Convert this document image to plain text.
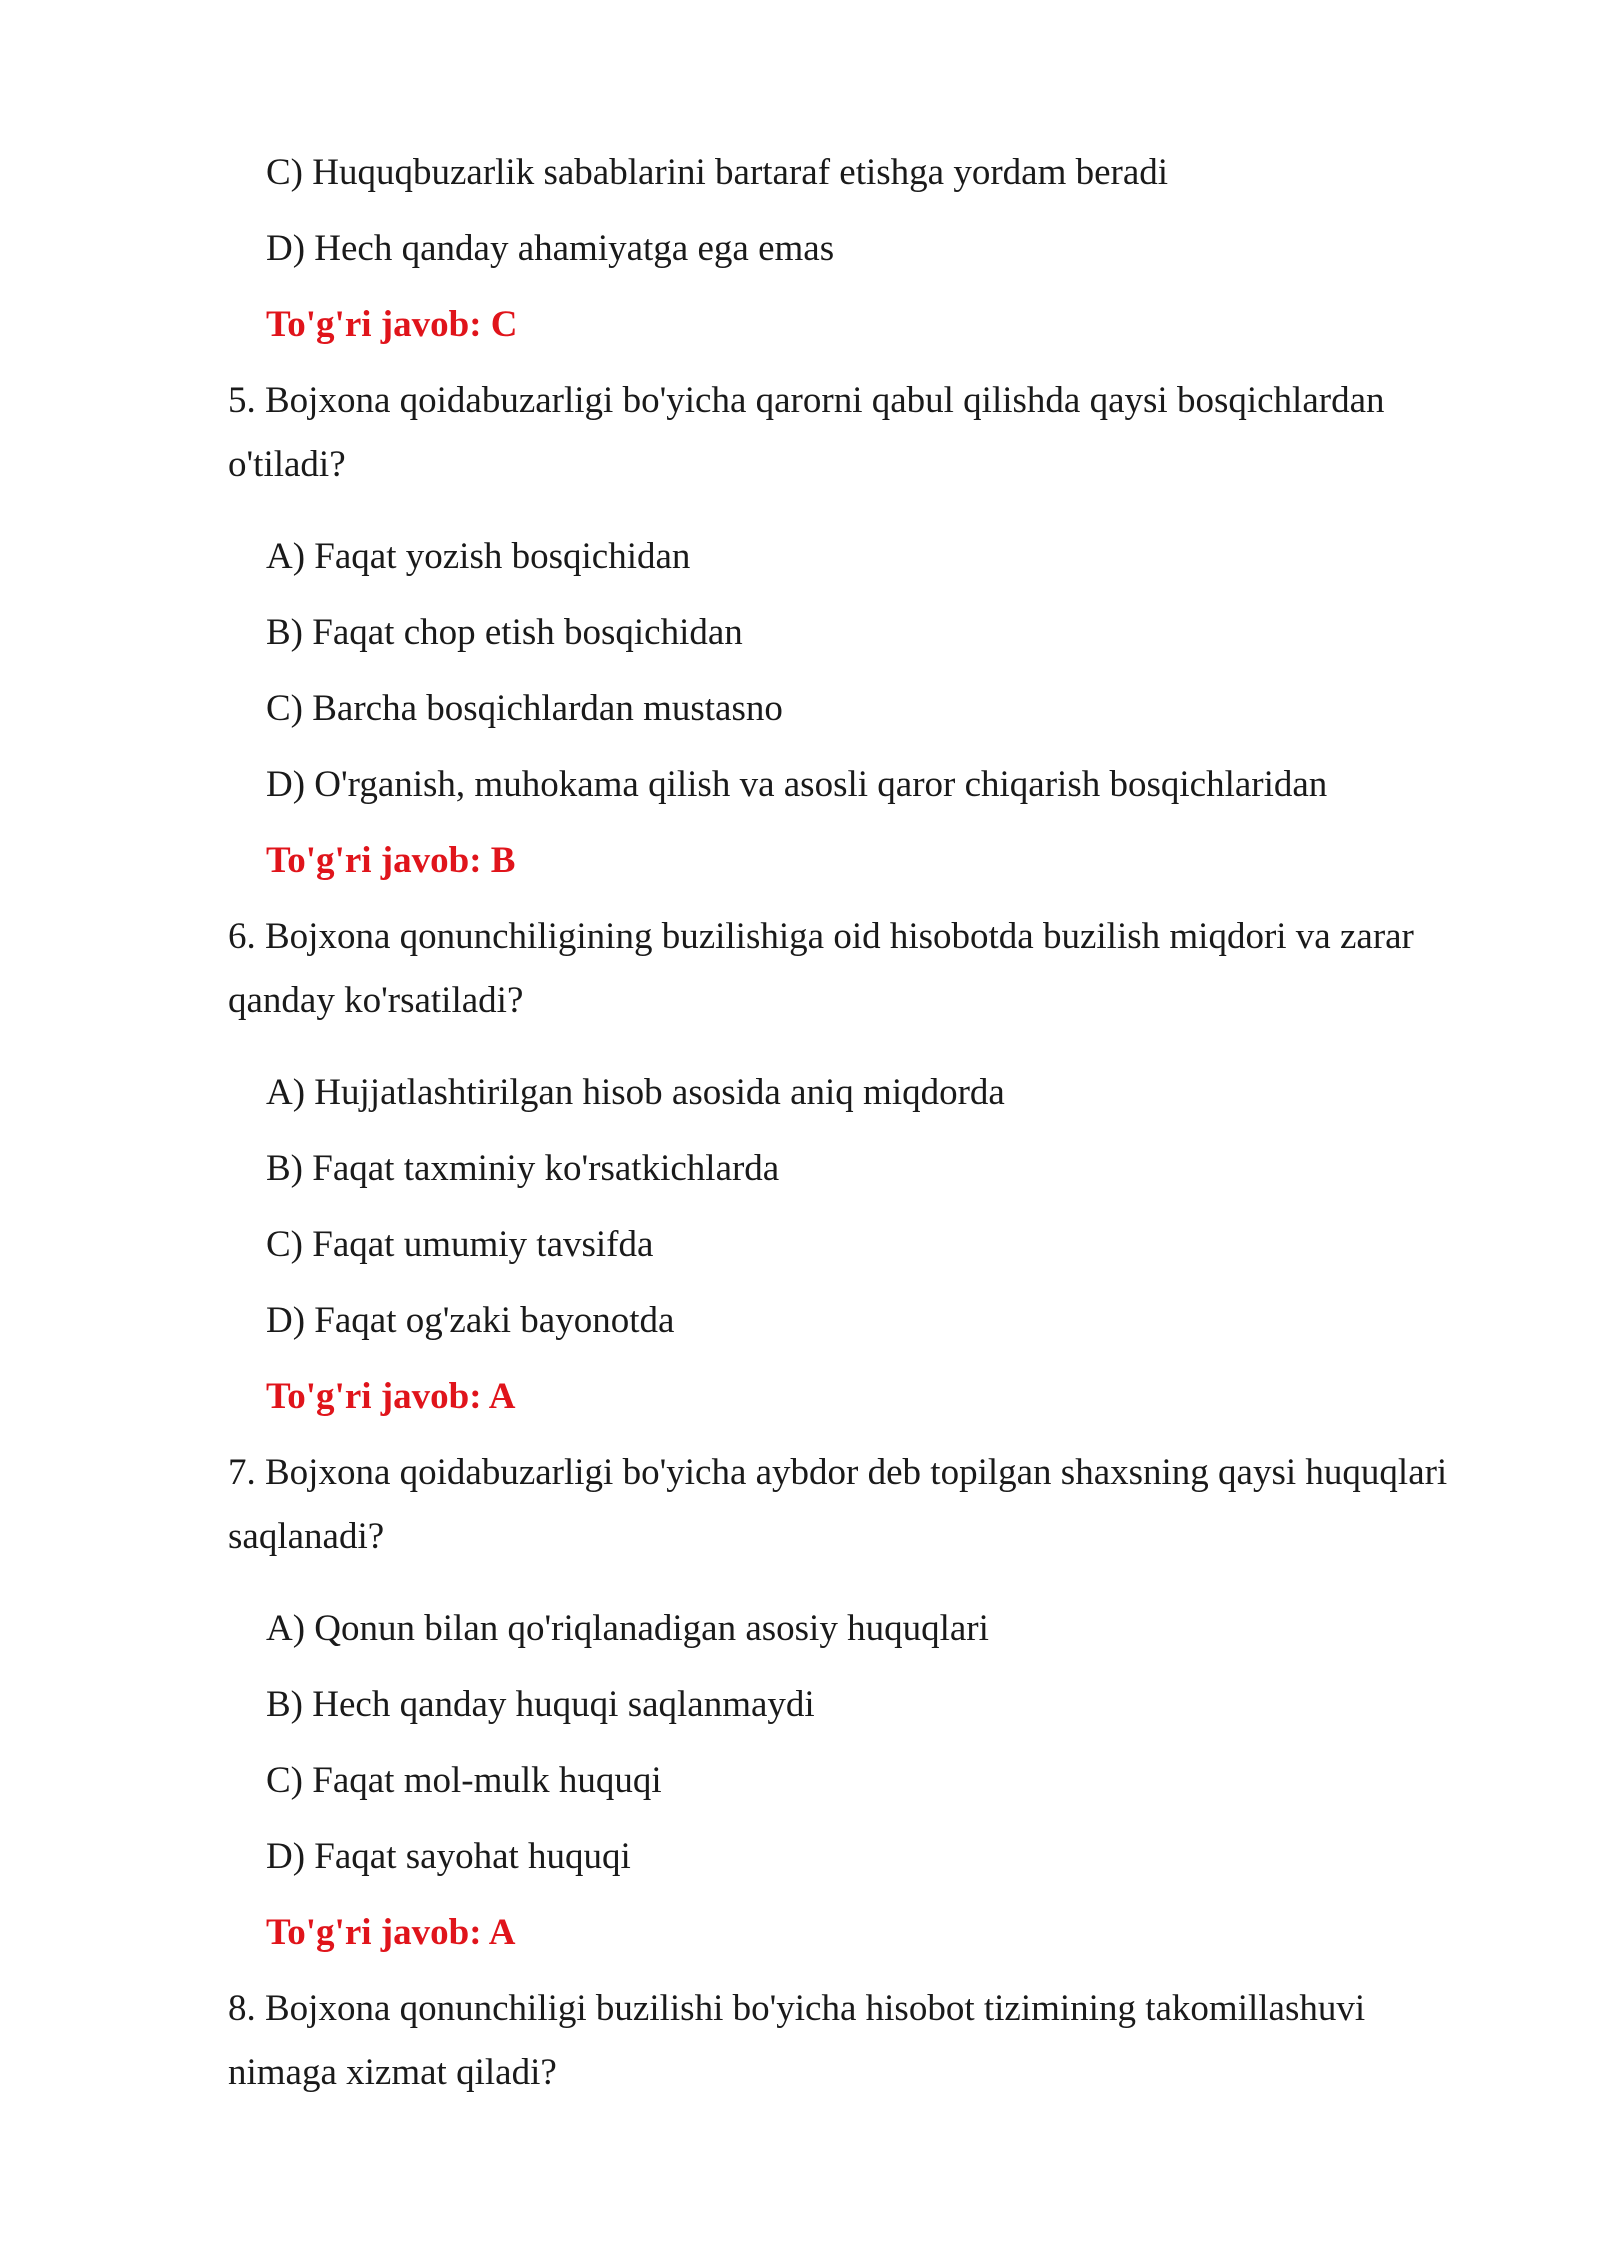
C) Huquqbuzarlik sabablarini bartaraf etishga yordam beradi
D) Hech qanday ahamiyatga ega emas
To'g'ri javob: C
5. Bojxona qoidabuzarligi bo'yicha qarorni qabul qilishda qaysi bosqichlardan
o'tiladi?
A) Faqat yozish bosqichidan
B) Faqat chop etish bosqichidan
C) Barcha bosqichlardan mustasno
D) O'rganish, muhokama qilish va asosli qaror chiqarish bosqichlaridan
To'g'ri javob: B
6. Bojxona qonunchiligining buzilishiga oid hisobotda buzilish miqdori va zarar
qanday ko'rsatiladi?
A) Hujjatlashtirilgan hisob asosida aniq miqdorda
B) Faqat taxminiy ko'rsatkichlarda
C) Faqat umumiy tavsifda
D) Faqat og'zaki bayonotda
To'g'ri javob: A
7. Bojxona qoidabuzarligi bo'yicha aybdor deb topilgan shaxsning qaysi huquqlari
saqlanadi?
A) Qonun bilan qo'riqlanadigan asosiy huquqlari
B) Hech qanday huquqi saqlanmaydi
C) Faqat mol-mulk huquqi
D) Faqat sayohat huquqi
To'g'ri javob: A
8. Bojxona qonunchiligi buzilishi bo'yicha hisobot tizimining takomillashuvi
nimaga xizmat qiladi?
